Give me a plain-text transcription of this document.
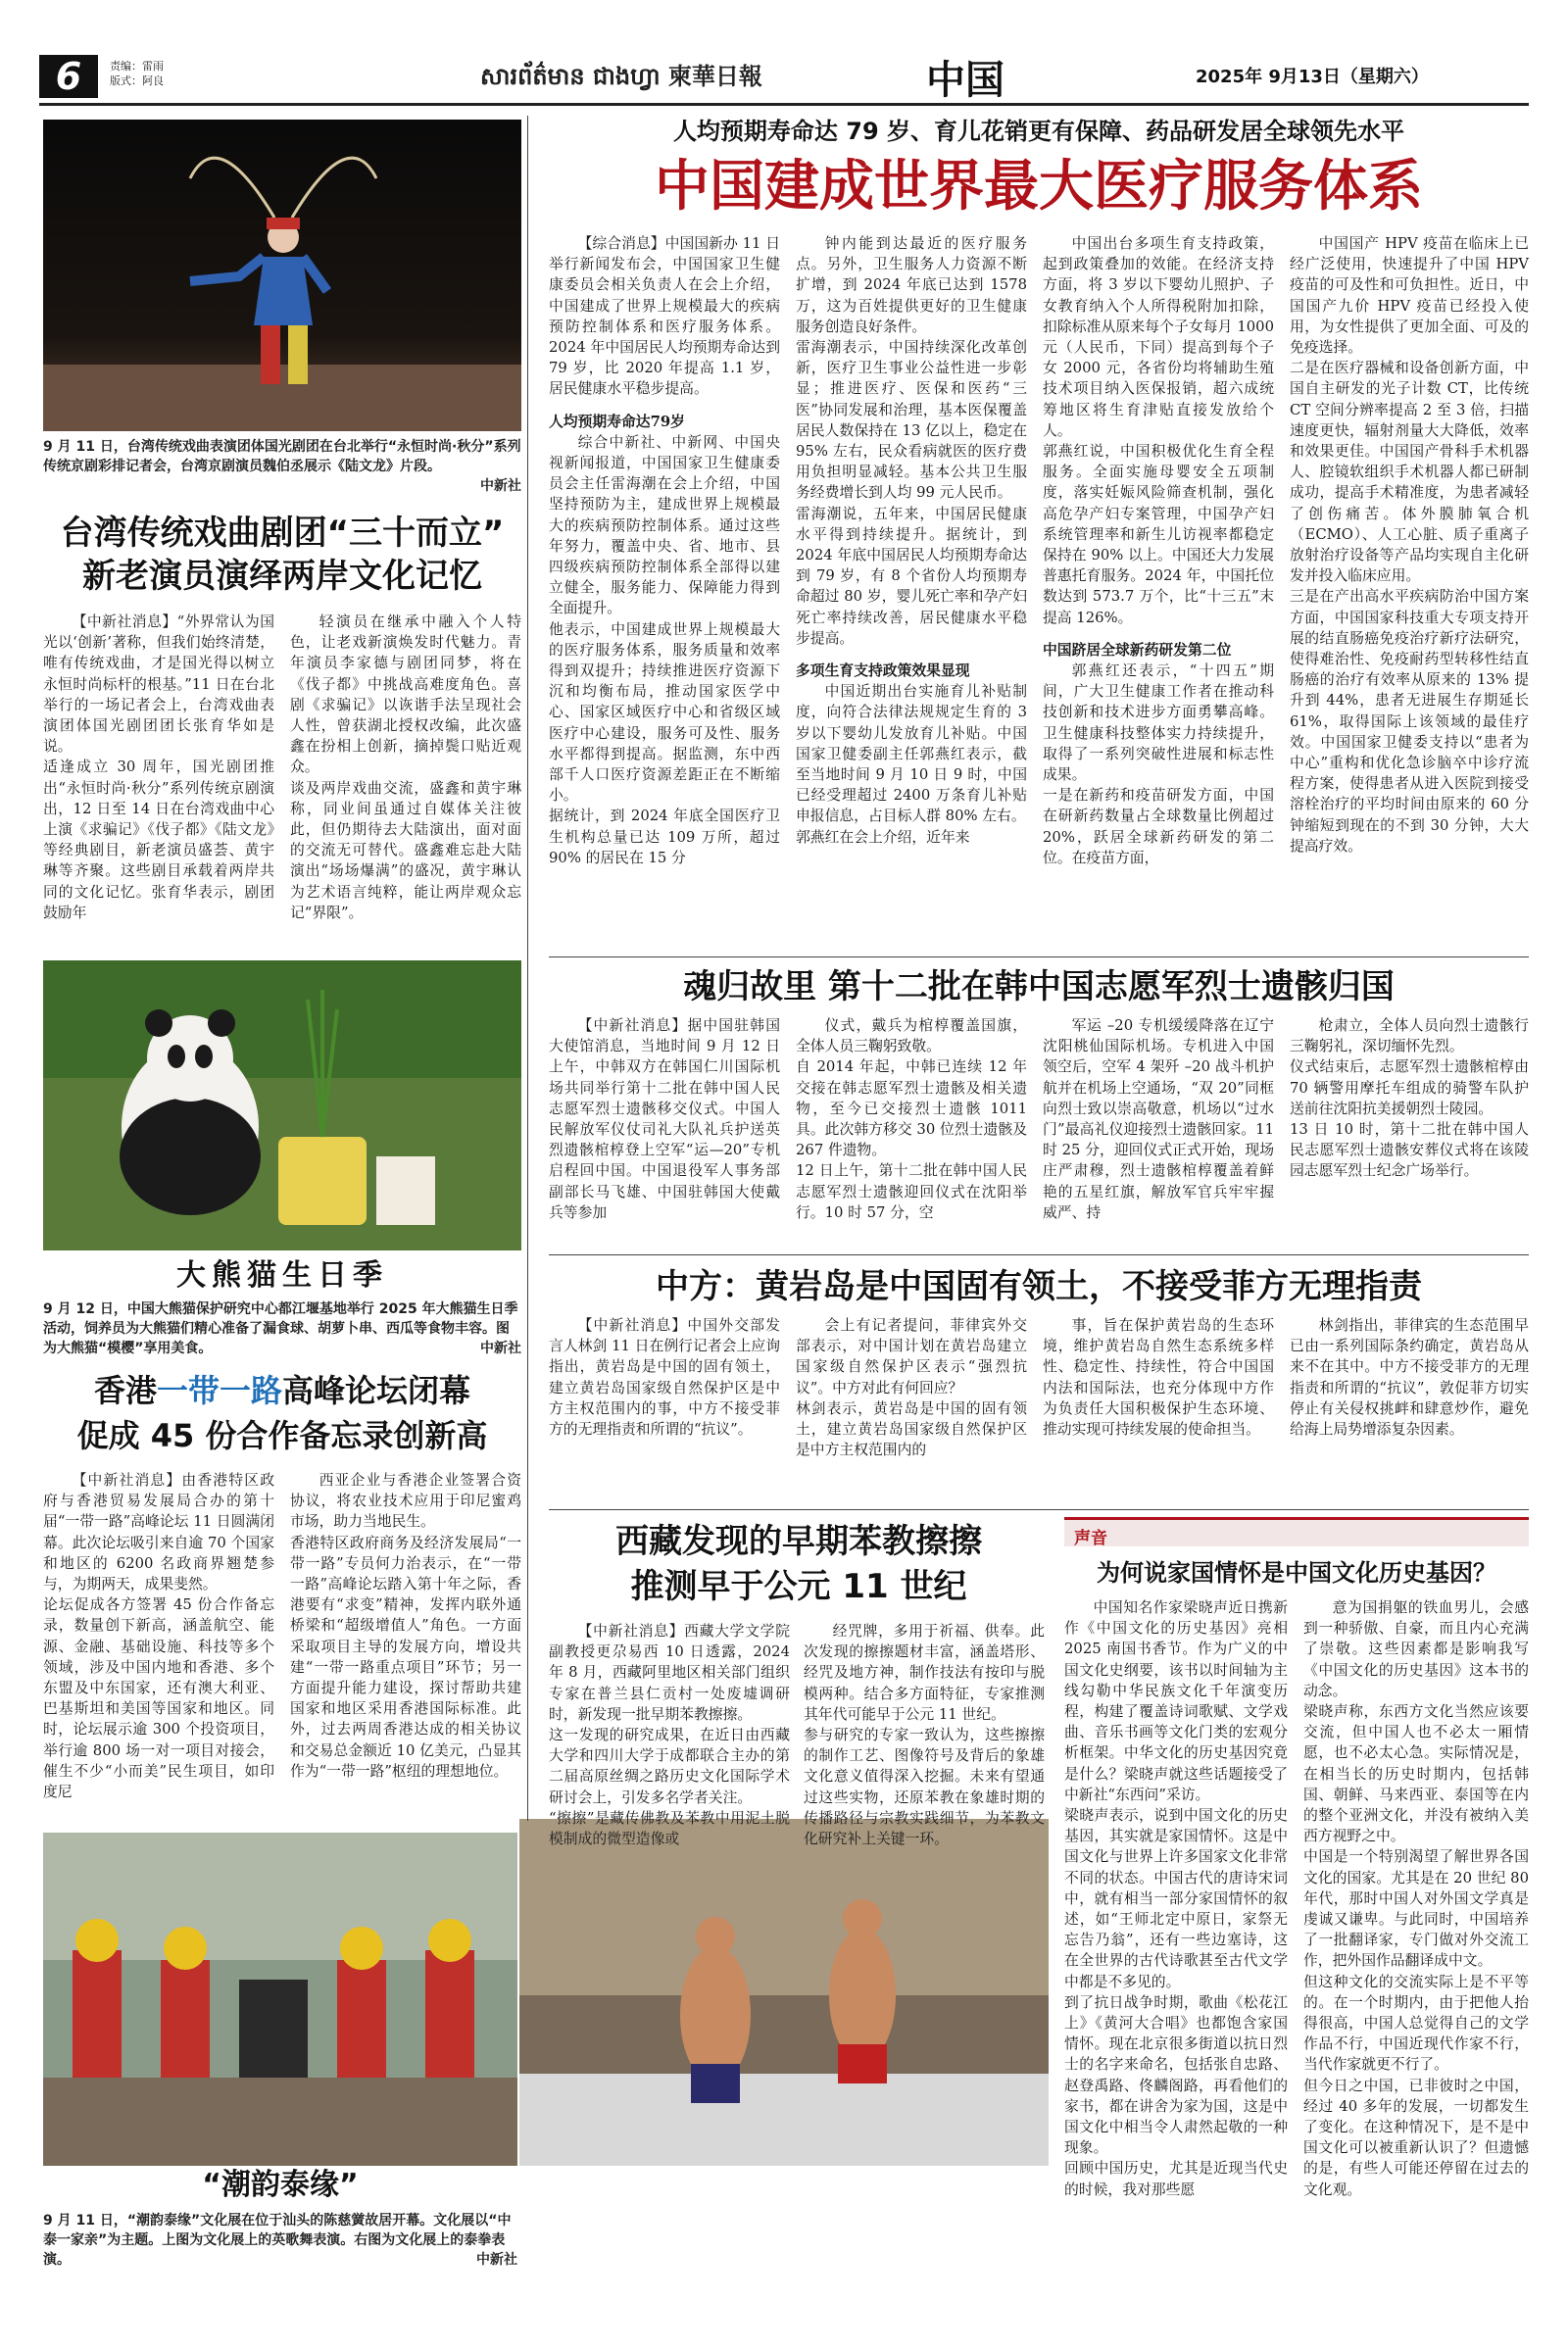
6	责编：雷雨
版式：阿良	សារព័ត៌មាន ជាងហ្វា 柬華日報	中国	2025年 9月13日（星期六）
9 月 11 日，台湾传统戏曲表演团体国光剧团在台北举行“永恒时尚·秋分”系列传统京剧彩排记者会，台湾京剧演员魏伯丞展示《陆文龙》片段。
中新社
台湾传统戏曲剧团“三十而立”
新老演员演绎两岸文化记忆

【中新社消息】“外界常认为国光以‘创新’著称，但我们始终清楚，唯有传统戏曲，才是国光得以树立永恒时尚标杆的根基。”11 日在台北举行的一场记者会上，台湾戏曲表演团体国光剧团团长张育华如是说。
适逢成立 30 周年，国光剧团推出“永恒时尚·秋分”系列传统京剧演出，12 日至 14 日在台湾戏曲中心上演《求骗记》《伐子都》《陆文龙》等经典剧目，新老演员盛荟、黄宇琳等齐聚。这些剧目承载着两岸共同的文化记忆。张育华表示，剧团鼓励年

轻演员在继承中融入个人特色，让老戏新演焕发时代魅力。青年演员李家德与剧团同梦，将在《伐子都》中挑战高难度角色。喜剧《求骗记》以诙谐手法呈现社会人性，曾获湖北授权改编，此次盛鑫在扮相上创新，摘掉鬓口贴近观众。
谈及两岸戏曲交流，盛鑫和黄宇琳称，同业间虽通过自媒体关注彼此，但仍期待去大陆演出，面对面的交流无可替代。盛鑫难忘赴大陆演出“场场爆满”的盛况，黄宇琳认为艺术语言纯粹，能让两岸观众忘记“界限”。

大熊猫生日季
9 月 12 日，中国大熊猫保护研究中心都江堰基地举行 2025 年大熊猫生日季活动，饲养员为大熊猫们精心准备了漏食球、胡萝卜串、西瓜等食物丰容。图为大熊猫“模樱”享用美食。	中新社
香港一带一路高峰论坛闭幕
促成 45 份合作备忘录创新高

【中新社消息】由香港特区政府与香港贸易发展局合办的第十届“一带一路”高峰论坛 11 日圆满闭幕。此次论坛吸引来自逾 70 个国家和地区的 6200 名政商界翘楚参与，为期两天，成果斐然。
论坛促成各方签署 45 份合作备忘录，数量创下新高，涵盖航空、能源、金融、基础设施、科技等多个领域，涉及中国内地和香港、多个东盟及中东国家，还有澳大利亚、巴基斯坦和美国等国家和地区。同时，论坛展示逾 300 个投资项目，举行逾 800 场一对一项目对接会，催生不少“小而美”民生项目，如印度尼

西亚企业与香港企业签署合资协议，将农业技术应用于印尼蜜鸡市场，助力当地民生。
香港特区政府商务及经济发展局“一带一路”专员何力治表示，在“一带一路”高峰论坛踏入第十年之际，香港要有“求变”精神，发挥内联外通桥梁和“超级增值人”角色。一方面采取项目主导的发展方向，增设共建“一带一路重点项目”环节；另一方面提升能力建设，探讨帮助共建国家和地区采用香港国际标准。此外，过去两周香港达成的相关协议和交易总金额近 10 亿美元，凸显其作为“一带一路”枢纽的理想地位。

“潮韵泰缘”
9 月 11 日，“潮韵泰缘”文化展在位于汕头的陈慈黉故居开幕。文化展以“中泰一家亲”为主题。上图为文化展上的英歌舞表演。右图为文化展上的泰拳表演。	中新社
人均预期寿命达 79 岁、育儿花销更有保障、药品研发居全球领先水平
中国建成世界最大医疗服务体系

【综合消息】中国国新办 11 日举行新闻发布会，中国国家卫生健康委员会相关负责人在会上介绍，中国建成了世界上规模最大的疾病预防控制体系和医疗服务体系。2024 年中国居民人均预期寿命达到 79 岁，比 2020 年提高 1.1 岁，居民健康水平稳步提高。

人均预期寿命达79岁

综合中新社、中新网、中国央视新闻报道，中国国家卫生健康委员会主任雷海潮在会上介绍，中国坚持预防为主，建成世界上规模最大的疾病预防控制体系。通过这些年努力，覆盖中央、省、地市、县四级疾病预防控制体系全部得以建立健全，服务能力、保障能力得到全面提升。
他表示，中国建成世界上规模最大的医疗服务体系，服务质量和效率得到双提升；持续推进医疗资源下沉和均衡布局，推动国家医学中心、国家区域医疗中心和省级区域医疗中心建设，服务可及性、服务水平都得到提高。据监测，东中西部千人口医疗资源差距正在不断缩小。
据统计，到 2024 年底全国医疗卫生机构总量已达 109 万所，超过 90% 的居民在 15 分

钟内能到达最近的医疗服务点。另外，卫生服务人力资源不断扩增，到 2024 年底已达到 1578 万，这为百姓提供更好的卫生健康服务创造良好条件。
雷海潮表示，中国持续深化改革创新，医疗卫生事业公益性进一步彰显；推进医疗、医保和医药“三医”协同发展和治理，基本医保覆盖居民人数保持在 13 亿以上，稳定在 95% 左右，民众看病就医的医疗费用负担明显减轻。基本公共卫生服务经费增长到人均 99 元人民币。
雷海潮说，五年来，中国居民健康水平得到持续提升。据统计，到 2024 年底中国居民人均预期寿命达到 79 岁，有 8 个省份人均预期寿命超过 80 岁，婴儿死亡率和孕产妇死亡率持续改善，居民健康水平稳步提高。

多项生育支持政策效果显现

中国近期出台实施育儿补贴制度，向符合法律法规规定生育的 3 岁以下婴幼儿发放育儿补贴。中国国家卫健委副主任郭燕红表示，截至当地时间 9 月 10 日 9 时，中国已经受理超过 2400 万条育儿补贴申报信息，占目标人群 80% 左右。
郭燕红在会上介绍，近年来

中国出台多项生育支持政策，起到政策叠加的效能。在经济支持方面，将 3 岁以下婴幼儿照护、子女教育纳入个人所得税附加扣除，扣除标准从原来每个子女每月 1000 元（人民币，下同）提高到每个子女 2000 元，各省份均将辅助生殖技术项目纳入医保报销，超六成统筹地区将生育津贴直接发放给个人。
郭燕红说，中国积极优化生育全程服务。全面实施母婴安全五项制度，落实妊娠风险筛查机制，强化高危孕产妇专案管理，中国孕产妇系统管理率和新生儿访视率都稳定保持在 90% 以上。中国还大力发展普惠托育服务。2024 年，中国托位数达到 573.7 万个，比“十三五”末提高 126%。

中国跻居全球新药研发第二位

郭燕红还表示，“十四五”期间，广大卫生健康工作者在推动科技创新和技术进步方面勇攀高峰。卫生健康科技整体实力持续提升，取得了一系列突破性进展和标志性成果。
一是在新药和疫苗研发方面，中国在研新药数量占全球数量比例超过 20%，跃居全球新药研发的第二位。在疫苗方面，

中国国产 HPV 疫苗在临床上已经广泛使用，快速提升了中国 HPV 疫苗的可及性和可负担性。近日，中国国产九价 HPV 疫苗已经投入使用，为女性提供了更加全面、可及的免疫选择。
二是在医疗器械和设备创新方面，中国自主研发的光子计数 CT，比传统 CT 空间分辨率提高 2 至 3 倍，扫描速度更快，辐射剂量大大降低，效率和效果更佳。中国国产骨科手术机器人、腔镜软组织手术机器人都已研制成功，提高手术精准度，为患者减轻了创伤痛苦。体外膜肺氧合机（ECMO）、人工心脏、质子重离子放射治疗设备等产品均实现自主化研发并投入临床应用。
三是在产出高水平疾病防治中国方案方面，中国国家科技重大专项支持开展的结直肠癌免疫治疗新疗法研究，使得难治性、免疫耐药型转移性结直肠癌的治疗有效率从原来的 13% 提升到 44%，患者无进展生存期延长 61%，取得国际上该领域的最佳疗效。中国国家卫健委支持以“患者为中心”重构和优化急诊脑卒中诊疗流程方案，使得患者从进入医院到接受溶栓治疗的平均时间由原来的 60 分钟缩短到现在的不到 30 分钟，大大提高疗效。

魂归故里 第十二批在韩中国志愿军烈士遗骸归国

【中新社消息】据中国驻韩国大使馆消息，当地时间 9 月 12 日上午，中韩双方在韩国仁川国际机场共同举行第十二批在韩中国人民志愿军烈士遗骸移交仪式。中国人民解放军仪仗司礼大队礼兵护送英烈遗骸棺椁登上空军“运—20”专机启程回中国。中国退役军人事务部副部长马飞雄、中国驻韩国大使戴兵等参加

仪式，戴兵为棺椁覆盖国旗，全体人员三鞠躬致敬。
自 2014 年起，中韩已连续 12 年交接在韩志愿军烈士遗骸及相关遗物，至今已交接烈士遗骸 1011 具。此次韩方移交 30 位烈士遗骸及 267 件遗物。
12 日上午，第十二批在韩中国人民志愿军烈士遗骸迎回仪式在沈阳举行。10 时 57 分，空

军运 –20 专机缓缓降落在辽宁沈阳桃仙国际机场。专机进入中国领空后，空军 4 架歼 –20 战斗机护航并在机场上空通场，“双 20”同框向烈士致以崇高敬意，机场以“过水门”最高礼仪迎接烈士遗骸回家。11 时 25 分，迎回仪式正式开始，现场庄严肃穆，烈士遗骸棺椁覆盖着鲜艳的五星红旗，解放军官兵牢牢握威严、持

枪肃立，全体人员向烈士遗骸行三鞠躬礼，深切缅怀先烈。
仪式结束后，志愿军烈士遗骸棺椁由 70 辆警用摩托车组成的骑警车队护送前往沈阳抗美援朝烈士陵园。
13 日 10 时，第十二批在韩中国人民志愿军烈士遗骸安葬仪式将在该陵园志愿军烈士纪念广场举行。

中方：黄岩岛是中国固有领土，不接受菲方无理指责

【中新社消息】中国外交部发言人林剑 11 日在例行记者会上应询指出，黄岩岛是中国的固有领土，建立黄岩岛国家级自然保护区是中方主权范围内的事，中方不接受菲方的无理指责和所谓的“抗议”。

会上有记者提问，菲律宾外交部表示，对中国计划在黄岩岛建立国家级自然保护区表示“强烈抗议”。中方对此有何回应？
林剑表示，黄岩岛是中国的固有领土，建立黄岩岛国家级自然保护区是中方主权范围内的

事，旨在保护黄岩岛的生态环境，维护黄岩岛自然生态系统多样性、稳定性、持续性，符合中国国内法和国际法，也充分体现中方作为负责任大国积极保护生态环境、推动实现可持续发展的使命担当。

林剑指出，菲律宾的生态范围早已由一系列国际条约确定，黄岩岛从来不在其中。中方不接受菲方的无理指责和所谓的“抗议”，敦促菲方切实停止有关侵权挑衅和肆意炒作，避免给海上局势增添复杂因素。

西藏发现的早期苯教擦擦
推测早于公元 11 世纪

【中新社消息】西藏大学文学院副教授更尕易西 10 日透露，2024 年 8 月，西藏阿里地区相关部门组织专家在普兰县仁贡村一处废墟调研时，新发现一批早期苯教擦擦。
这一发现的研究成果，在近日由西藏大学和四川大学于成都联合主办的第二届高原丝绸之路历史文化国际学术研讨会上，引发多名学者关注。
“擦擦”是藏传佛教及苯教中用泥土脱模制成的微型造像或

经咒牌，多用于祈福、供奉。此次发现的擦擦题材丰富，涵盖塔形、经咒及地方神，制作技法有按印与脱模两种。结合多方面特征，专家推测其年代可能早于公元 11 世纪。
参与研究的专家一致认为，这些擦擦的制作工艺、图像符号及背后的象雄文化意义值得深入挖掘。未来有望通过这些实物，还原苯教在象雄时期的传播路径与宗教实践细节，为苯教文化研究补上关键一环。

声音
为何说家国情怀是中国文化历史基因？

中国知名作家梁晓声近日携新作《中国文化的历史基因》亮相 2025 南国书香节。作为广义的中国文化史纲要，该书以时间轴为主线勾勒中华民族文化千年演变历程，构建了覆盖诗词歌赋、文学戏曲、音乐书画等文化门类的宏观分析框架。中华文化的历史基因究竟是什么？梁晓声就这些话题接受了中新社“东西问”采访。
梁晓声表示，说到中国文化的历史基因，其实就是家国情怀。这是中国文化与世界上许多国家文化非常不同的状态。中国古代的唐诗宋词中，就有相当一部分家国情怀的叙述，如“王师北定中原日，家祭无忘告乃翁”，还有一些边塞诗，这在全世界的古代诗歌甚至古代文学中都是不多见的。
到了抗日战争时期，歌曲《松花江上》《黄河大合唱》也都饱含家国情怀。现在北京很多街道以抗日烈士的名字来命名，包括张自忠路、赵登禹路、佟麟阁路，再看他们的家书，都在讲舍为家为国，这是中国文化中相当令人肃然起敬的一种现象。
回顾中国历史，尤其是近现当代史的时候，我对那些愿

意为国捐躯的铁血男儿，会感到一种骄傲、自豪，而且内心充满了崇敬。这些因素都是影响我写《中国文化的历史基因》这本书的动念。
梁晓声称，东西方文化当然应该要交流，但中国人也不必太一厢情愿，也不必太心急。实际情况是，在相当长的历史时期内，包括韩国、朝鲜、马来西亚、泰国等在内的整个亚洲文化，并没有被纳入美西方视野之中。
中国是一个特别渴望了解世界各国文化的国家。尤其是在 20 世纪 80 年代，那时中国人对外国文学真是虔诚又谦卑。与此同时，中国培养了一批翻译家，专门做对外交流工作，把外国作品翻译成中文。
但这种文化的交流实际上是不平等的。在一个时期内，由于把他人抬得很高，中国人总觉得自己的文学作品不行，中国近现代作家不行，当代作家就更不行了。
但今日之中国，已非彼时之中国，经过 40 多年的发展，一切都发生了变化。在这种情况下，是不是中国文化可以被重新认识了？但遗憾的是，有些人可能还停留在过去的文化观。
